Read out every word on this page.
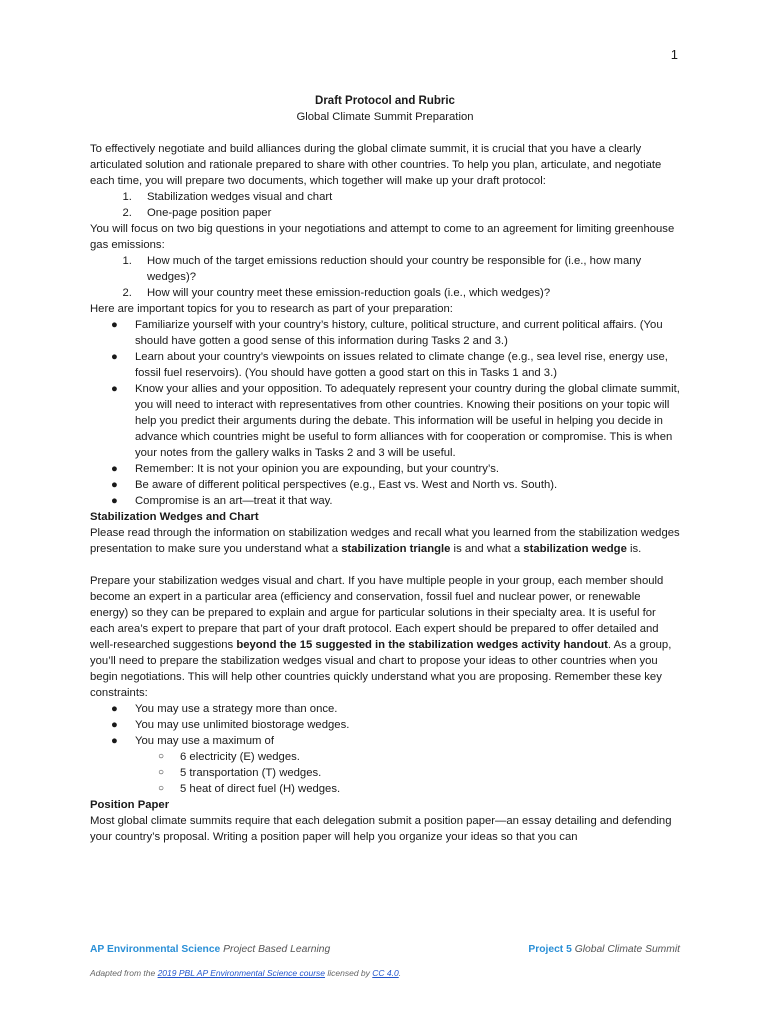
1

Draft Protocol and Rubric

Global Climate Summit Preparation

To effectively negotiate and build alliances during the global climate summit, it is crucial that you have a clearly articulated solution and rationale prepared to share with other countries. To help you plan, articulate, and negotiate each time, you will prepare two documents, which together will make up your draft protocol:

1. Stabilization wedges visual and chart
2. One-page position paper

You will focus on two big questions in your negotiations and attempt to come to an agreement for limiting greenhouse gas emissions:

1. How much of the target emissions reduction should your country be responsible for (i.e., how many wedges)?
2. How will your country meet these emission-reduction goals (i.e., which wedges)?

Here are important topics for you to research as part of your preparation:

● Familiarize yourself with your country’s history, culture, political structure, and current political affairs. (You should have gotten a good sense of this information during Tasks 2 and 3.)
● Learn about your country’s viewpoints on issues related to climate change (e.g., sea level rise, energy use, fossil fuel reservoirs). (You should have gotten a good start on this in Tasks 1 and 3.)
● Know your allies and your opposition. To adequately represent your country during the global climate summit, you will need to interact with representatives from other countries. Knowing their positions on your topic will help you predict their arguments during the debate. This information will be useful in helping you decide in advance which countries might be useful to form alliances with for cooperation or compromise. This is when your notes from the gallery walks in Tasks 2 and 3 will be useful.
● Remember: It is not your opinion you are expounding, but your country’s.
● Be aware of different political perspectives (e.g., East vs. West and North vs. South).
● Compromise is an art—treat it that way.

Stabilization Wedges and Chart

Please read through the information on stabilization wedges and recall what you learned from the stabilization wedges presentation to make sure you understand what a stabilization triangle is and what a stabilization wedge is.

Prepare your stabilization wedges visual and chart. If you have multiple people in your group, each member should become an expert in a particular area (efficiency and conservation, fossil fuel and nuclear power, or renewable energy) so they can be prepared to explain and argue for particular solutions in their specialty area. It is useful for each area’s expert to prepare that part of your draft protocol. Each expert should be prepared to offer detailed and well-researched suggestions beyond the 15 suggested in the stabilization wedges activity handout. As a group, you’ll need to prepare the stabilization wedges visual and chart to propose your ideas to other countries when you begin negotiations. This will help other countries quickly understand what you are proposing. Remember these key constraints:

● You may use a strategy more than once.
● You may use unlimited biostorage wedges.
● You may use a maximum of
○ 6 electricity (E) wedges.
○ 5 transportation (T) wedges.
○ 5 heat of direct fuel (H) wedges.

Position Paper

Most global climate summits require that each delegation submit a position paper—an essay detailing and defending your country’s proposal. Writing a position paper will help you organize your ideas so that you can

AP Environmental Science Project Based Learning	Project 5 Global Climate Summit
Adapted from the 2019 PBL AP Environmental Science course licensed by CC 4.0.
